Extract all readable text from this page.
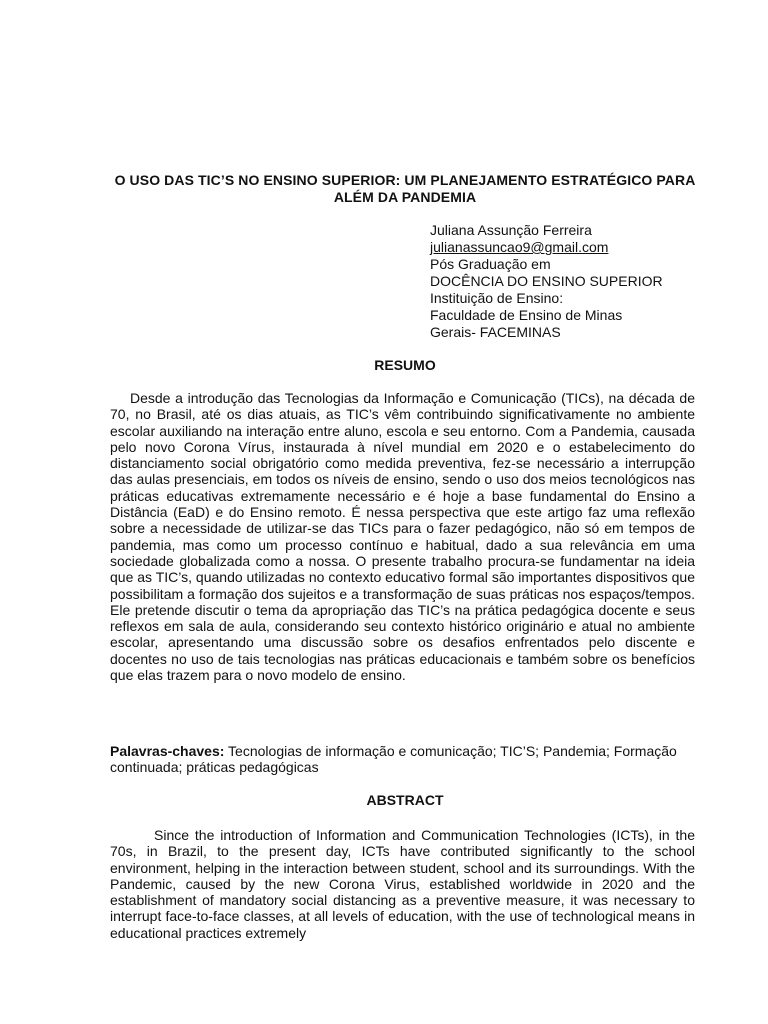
O USO DAS TIC’S NO ENSINO SUPERIOR: UM PLANEJAMENTO ESTRATÉGICO PARA ALÉM DA PANDEMIA
Juliana Assunção Ferreira
julianassuncao9@gmail.com
Pós Graduação em
DOCÊNCIA DO ENSINO SUPERIOR
Instituição de Ensino:
Faculdade de Ensino de Minas
Gerais- FACEMINAS
RESUMO

Desde a introdução das Tecnologias da Informação e Comunicação (TICs), na década de 70, no Brasil, até os dias atuais, as TIC’s vêm contribuindo significativamente no ambiente escolar auxiliando na interação entre aluno, escola e seu entorno. Com a Pandemia, causada pelo novo Corona Vírus, instaurada à nível mundial em 2020 e o estabelecimento do distanciamento social obrigatório como medida preventiva, fez-se necessário a interrupção das aulas presenciais, em todos os níveis de ensino, sendo o uso dos meios tecnológicos nas práticas educativas extremamente necessário e é hoje a base fundamental do Ensino a Distância (EaD) e do Ensino remoto. É nessa perspectiva que este artigo faz uma reflexão sobre a necessidade de utilizar-se das TICs para o fazer pedagógico, não só em tempos de pandemia, mas como um processo contínuo e habitual, dado a sua relevância em uma sociedade globalizada como a nossa. O presente trabalho procura-se fundamentar na ideia que as TIC’s, quando utilizadas no contexto educativo formal são importantes dispositivos que possibilitam a formação dos sujeitos e a transformação de suas práticas nos espaços/tempos. Ele pretende discutir o tema da apropriação das TIC’s na prática pedagógica docente e seus reflexos em sala de aula, considerando seu contexto histórico originário e atual no ambiente escolar, apresentando uma discussão sobre os desafios enfrentados pelo discente e docentes no uso de tais tecnologias nas práticas educacionais e também sobre os benefícios que elas trazem para o novo modelo de ensino.

Palavras-chaves: Tecnologias de informação e comunicação; TIC’S; Pandemia; Formação continuada; práticas pedagógicas

ABSTRACT

Since the introduction of Information and Communication Technologies (ICTs), in the 70s, in Brazil, to the present day, ICTs have contributed significantly to the school environment, helping in the interaction between student, school and its surroundings. With the Pandemic, caused by the new Corona Virus, established worldwide in 2020 and the establishment of mandatory social distancing as a preventive measure, it was necessary to interrupt face-to-face classes, at all levels of education, with the use of technological means in educational practices extremely
